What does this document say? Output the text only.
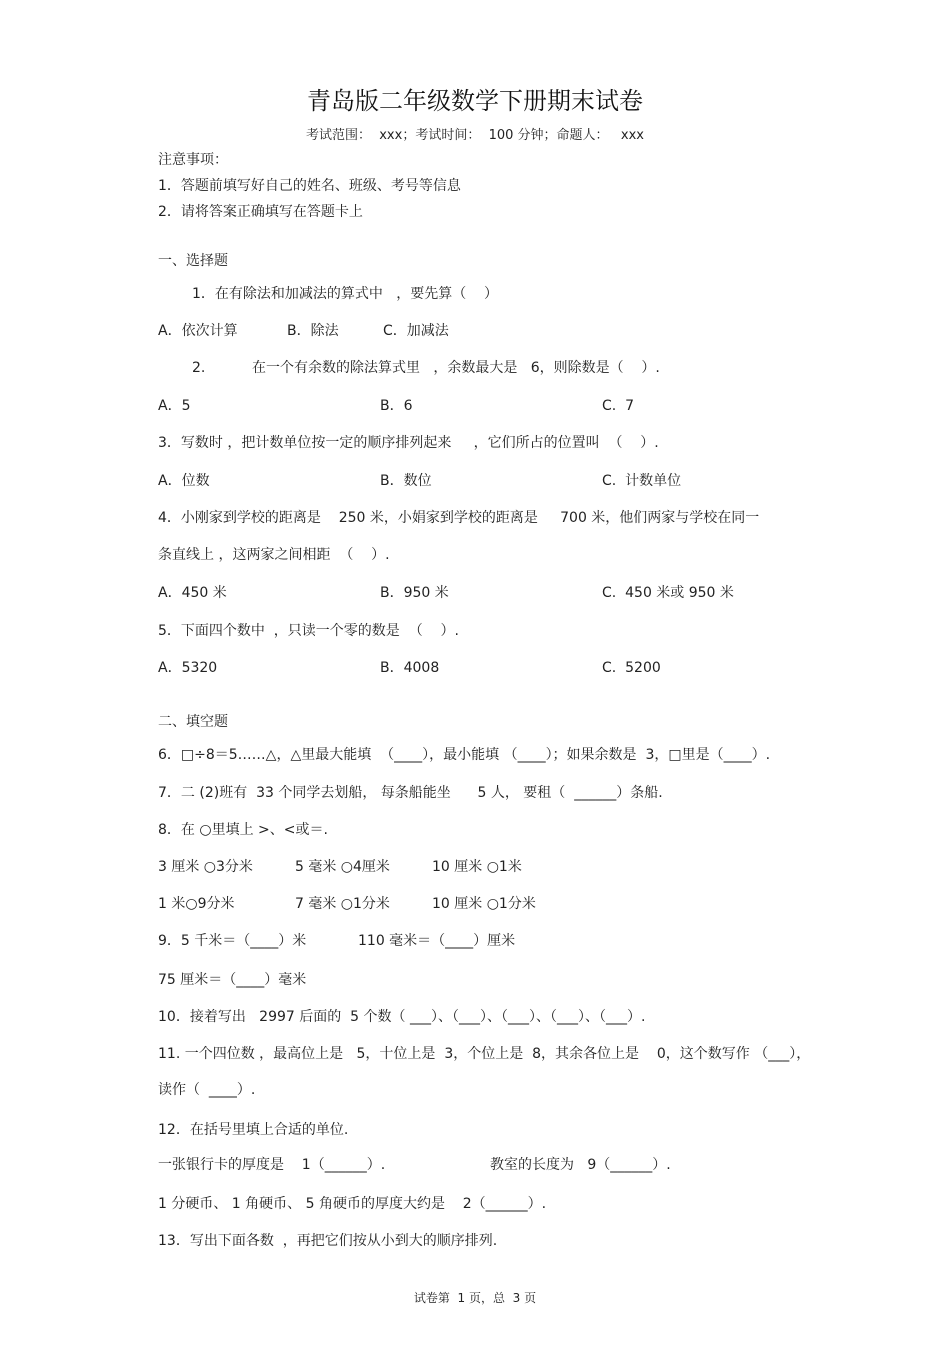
青岛版二年级数学下册期末试卷
考试范围：  xxx；考试时间：  100 分钟；命题人：   xxx
注意事项：
1．答题前填写好自己的姓名、班级、考号等信息
2．请将答案正确填写在答题卡上
一、选择题
1．在有除法和加减法的算式中   ，要先算（    ）
A．依次计算	B．除法	C．加减法
2.	在一个有余数的除法算式里   ，余数最大是   6，则除数是（    ）.
A．5	B．6	C.  7
3．写数时 ，把计数单位按一定的顺序排列起来     ，它们所占的位置叫  （    ）.
A．位数	B．数位	C.  计数单位
4．小刚家到学校的距离是    250 米，小娟家到学校的距离是     700 米，他们两家与学校在同一
条直线上 ，这两家之间相距  （    ）.
A．450 米	B．950 米	C.  450 米或 950 米
5．下面四个数中  ，只读一个零的数是  （    ）.
A．5320	B．4008	C.  5200
二、填空题
6．□÷8＝5……△，△里最大能填  （____），最小能填 （____）；如果余数是  3，□里是（____）.
7．二 (2)班有  33 个同学去划船， 每条船能坐      5 人， 要租（  ______）条船.
8．在 ○里填上 >、<或＝.
3 厘米 ○3分米	5 毫米 ○4厘米	10 厘米 ○1米
1 米○9分米	7 毫米 ○1分米	10 厘米 ○1分米
9．5 千米＝（____）米	110 毫米＝（____）厘米
75 厘米＝（____）毫米
10．接着写出   2997 后面的  5 个数（ ___）、（___）、（___）、（___）、（___）.
11. 一个四位数 ，最高位上是   5，十位上是  3，个位上是  8，其余各位上是    0，这个数写作 （___），
读作（  ____）.
12．在括号里填上合适的单位.
一张银行卡的厚度是    1（______）.	教室的长度为   9（______）.
1 分硬币、 1 角硬币、 5 角硬币的厚度大约是    2（______）.
13．写出下面各数  ，再把它们按从小到大的顺序排列.
试卷第  1 页，总  3 页
